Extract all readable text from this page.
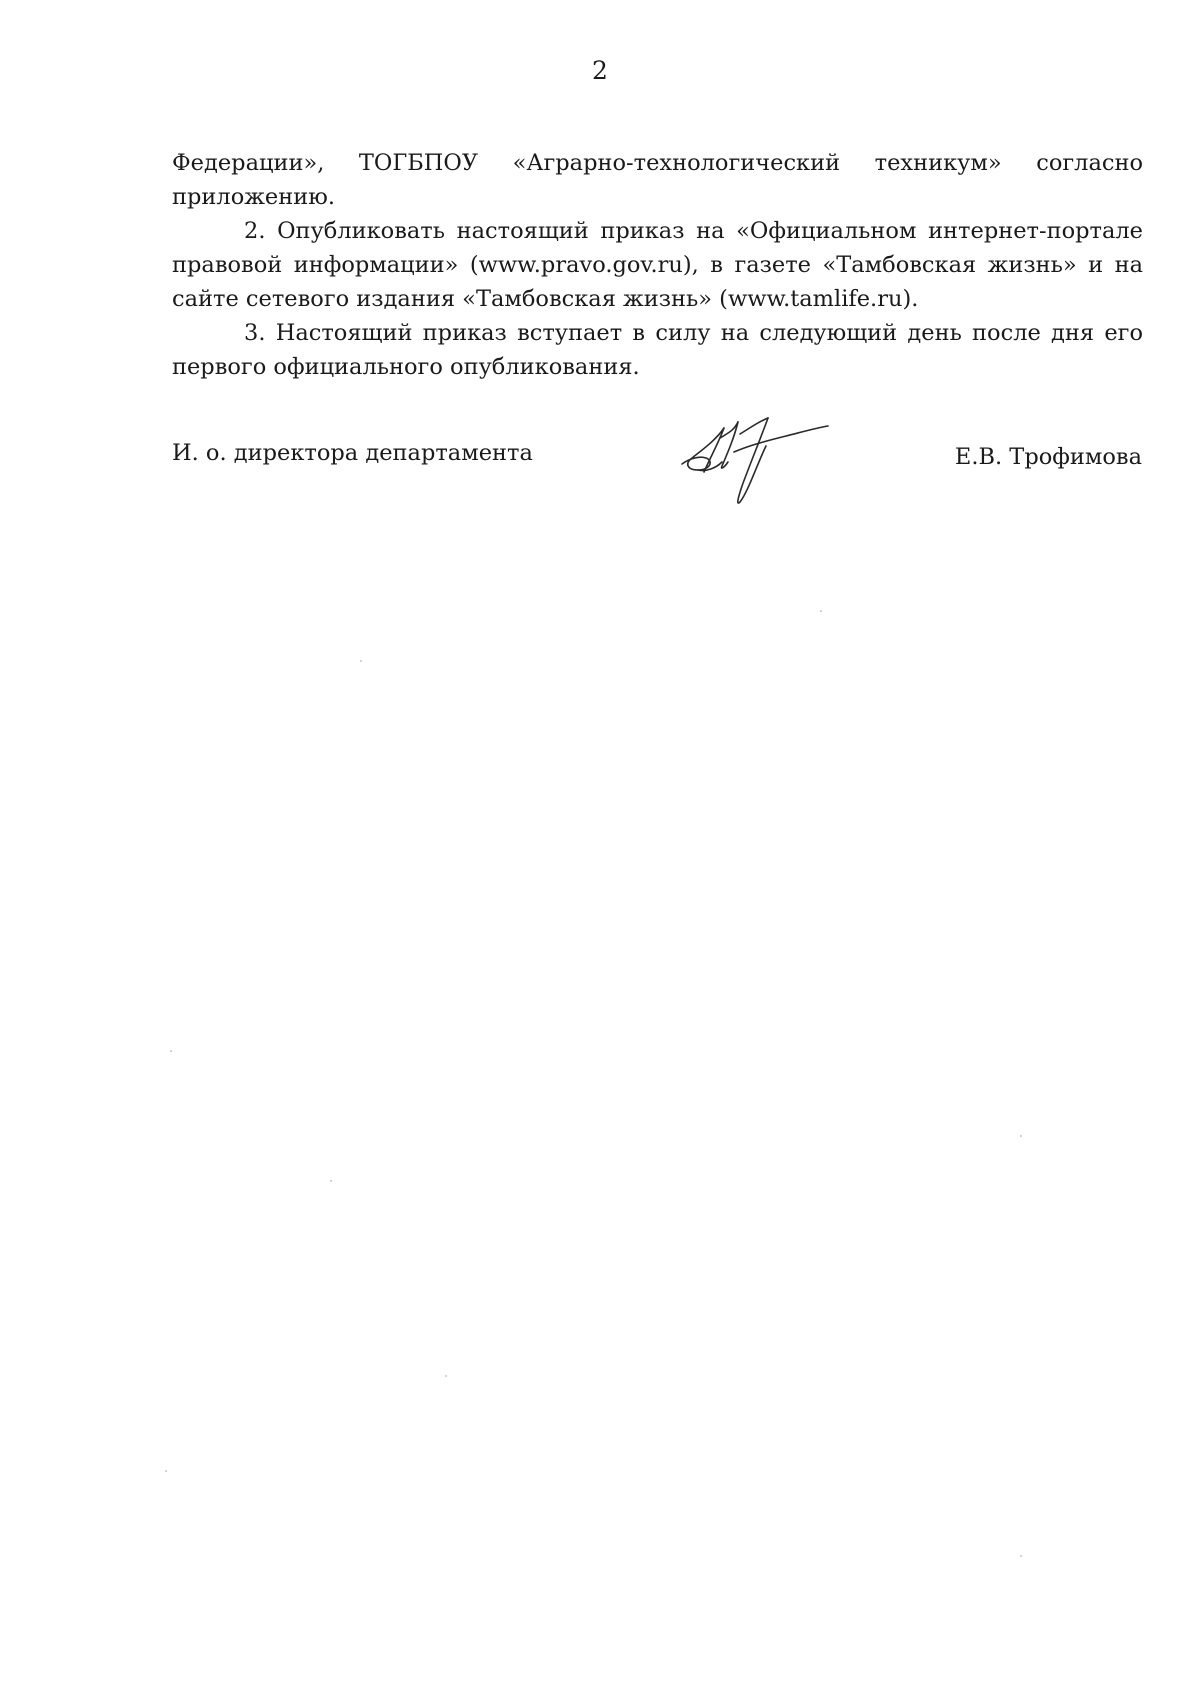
2

Федерации», ТОГБПОУ «Аграрно-технологический техникум» согласно приложению.

2. Опубликовать настоящий приказ на «Официальном интернет-портале правовой информации» (www.pravo.gov.ru), в газете «Тамбовская жизнь» и на сайте сетевого издания «Тамбовская жизнь» (www.tamlife.ru).

3. Настоящий приказ вступает в силу на следующий день после дня его первого официального опубликования.

И. о. директора департамента	Е.В. Трофимова
